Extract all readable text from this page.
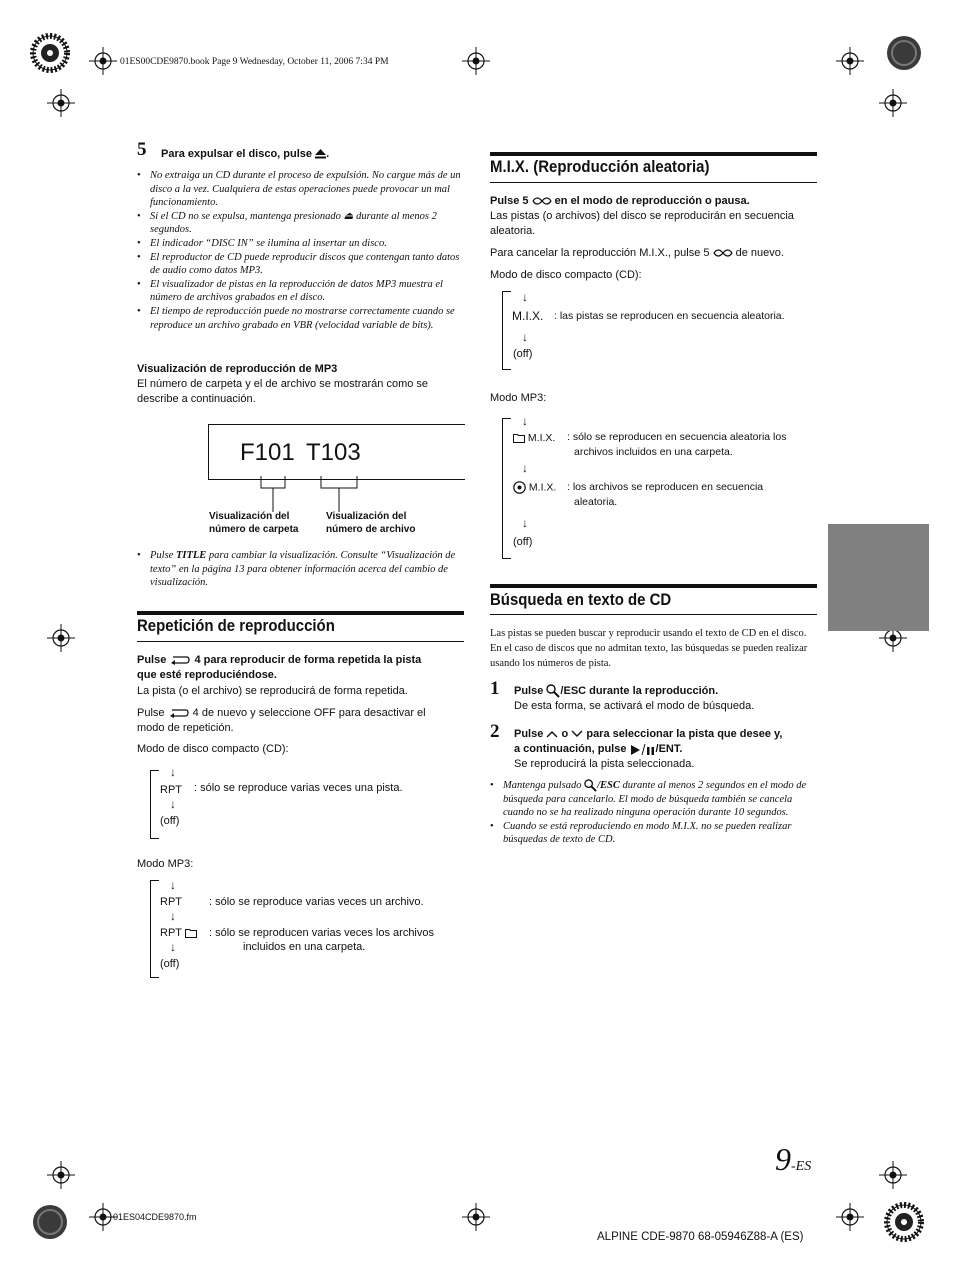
01ES00CDE9870.book Page 9 Wednesday, October 11, 2006 7:34 PM
5 Para expulsar el disco, pulse .
• No extraiga un CD durante el proceso de expulsión. No cargue más de un disco a la vez. Cualquiera de estas operaciones puede provocar un mal funcionamiento.
• Si el CD no se expulsa, mantenga presionado ⏏ durante al menos 2 segundos.
• El indicador “DISC IN” se ilumina al insertar un disco.
• El reproductor de CD puede reproducir discos que contengan tanto datos de audio como datos MP3.
• El visualizador de pistas en la reproducción de datos MP3 muestra el número de archivos grabados en el disco.
• El tiempo de reproducción puede no mostrarse correctamente cuando se reproduce un archivo grabado en VBR (velocidad variable de bits).
Visualización de reproducción de MP3
El número de carpeta y el de archivo se mostrarán como se describe a continuación.
F101 T103
Visualización del
número de carpeta
Visualización del
número de archivo
• Pulse TITLE para cambiar la visualización. Consulte “Visualización de texto” en la página 13 para obtener información acerca del cambio de visualización.
Repetición de reproducción
Pulse	4 para reproducir de forma repetida la pista
que esté reproduciéndose.
La pista (o el archivo) se reproducirá de forma repetida.
Pulse	4 de nuevo y seleccione OFF para desactivar el
modo de repetición.
Modo de disco compacto (CD):
↓
RPT : sólo se reproduce varias veces una pista.
↓
(off)
Modo MP3:
↓
RPT : sólo se reproduce varias veces un archivo.
↓
RPT	: sólo se reproducen varias veces los archivos
incluidos en una carpeta.
↓
(off)
M.I.X. (Reproducción aleatoria)
Pulse 5 en el modo de reproducción o pausa.
Las pistas (o archivos) del disco se reproducirán en secuencia aleatoria.
Para cancelar la reproducción M.I.X., pulse 5 de nuevo.
Modo de disco compacto (CD):
↓
M.I.X. : las pistas se reproducen en secuencia aleatoria.
↓
(off)
Modo MP3:
↓
M.I.X. : sólo se reproducen en secuencia aleatoria los
archivos incluidos en una carpeta.
↓
M.I.X. : los archivos se reproducen en secuencia
aleatoria.
↓
(off)
Búsqueda en texto de CD
Las pistas se pueden buscar y reproducir usando el texto de CD en el disco. En el caso de discos que no admitan texto, las búsquedas se pueden realizar usando los números de pista.
1 Pulse /ESC durante la reproducción.
De esta forma, se activará el modo de búsqueda.
2 Pulse o para seleccionar la pista que desee y,
a continuación, pulse	/ENT.
Se reproducirá la pista seleccionada.
• Mantenga pulsado /ESC durante al menos 2 segundos en el modo de búsqueda para cancelarlo. El modo de búsqueda también se cancela cuando no se ha realizado ninguna operación durante 10 segundos.
• Cuando se está reproduciendo en modo M.I.X. no se pueden realizar búsquedas de texto de CD.
9-ES
01ES04CDE9870.fm
ALPINE CDE-9870 68-05946Z88-A (ES)
